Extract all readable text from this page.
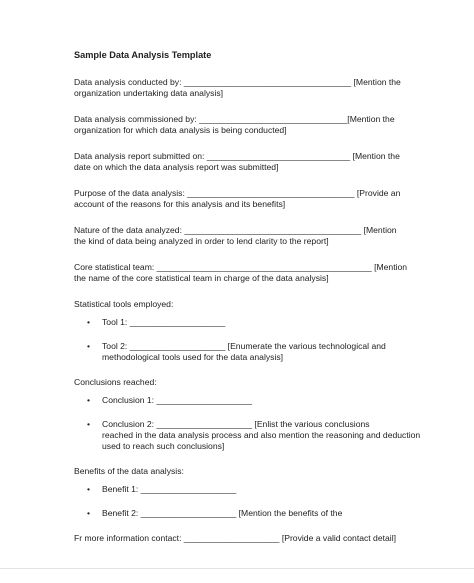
Sample Data Analysis Template
Data analysis conducted by: ___________________________________ [Mention the
organization undertaking data analysis]
Data analysis commissioned by: _______________________________[Mention the
organization for which data analysis is being conducted]
Data analysis report submitted on: ______________________________ [Mention the
date on which the data analysis report was submitted]
Purpose of the data analysis: ___________________________________ [Provide an
account of the reasons for this analysis and its benefits]
Nature of the data analyzed: _____________________________________ [Mention
the kind of data being analyzed in order to lend clarity to the report]
Core statistical team: _____________________________________________ [Mention
the name of the core statistical team in charge of the data analysis]
Statistical tools employed:
• Tool 1: ____________________
• Tool 2: ____________________ [Enumerate the various technological and
methodological tools used for the data analysis]
Conclusions reached:
• Conclusion 1: ____________________
• Conclusion 2: ____________________ [Enlist the various conclusions
reached in the data analysis process and also mention the reasoning and deduction
used to reach such conclusions]
Benefits of the data analysis:
• Benefit 1: ____________________
• Benefit 2: ____________________ [Mention the benefits of the
Fr more information contact: ____________________ [Provide a valid contact detail]
